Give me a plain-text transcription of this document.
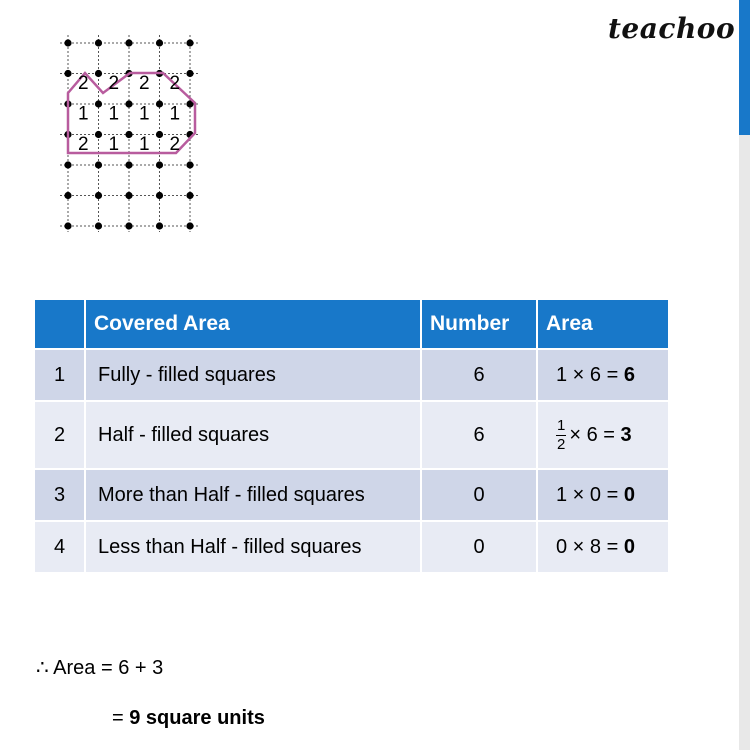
teachoo
2 2 2 2
1 1 1 1
2 1 1 2
	Covered Area	Number	Area
1	Fully - filled squares	6	1 × 6 = 6
2	Half - filled squares	6	$\frac{1}{2} \times 6 = 3$
3	More than Half - filled squares	0	1 × 0 = 0
4	Less than Half - filled squares	0	0 × 8 = 0
∴ Area = 6 + 3
= 9 square units
